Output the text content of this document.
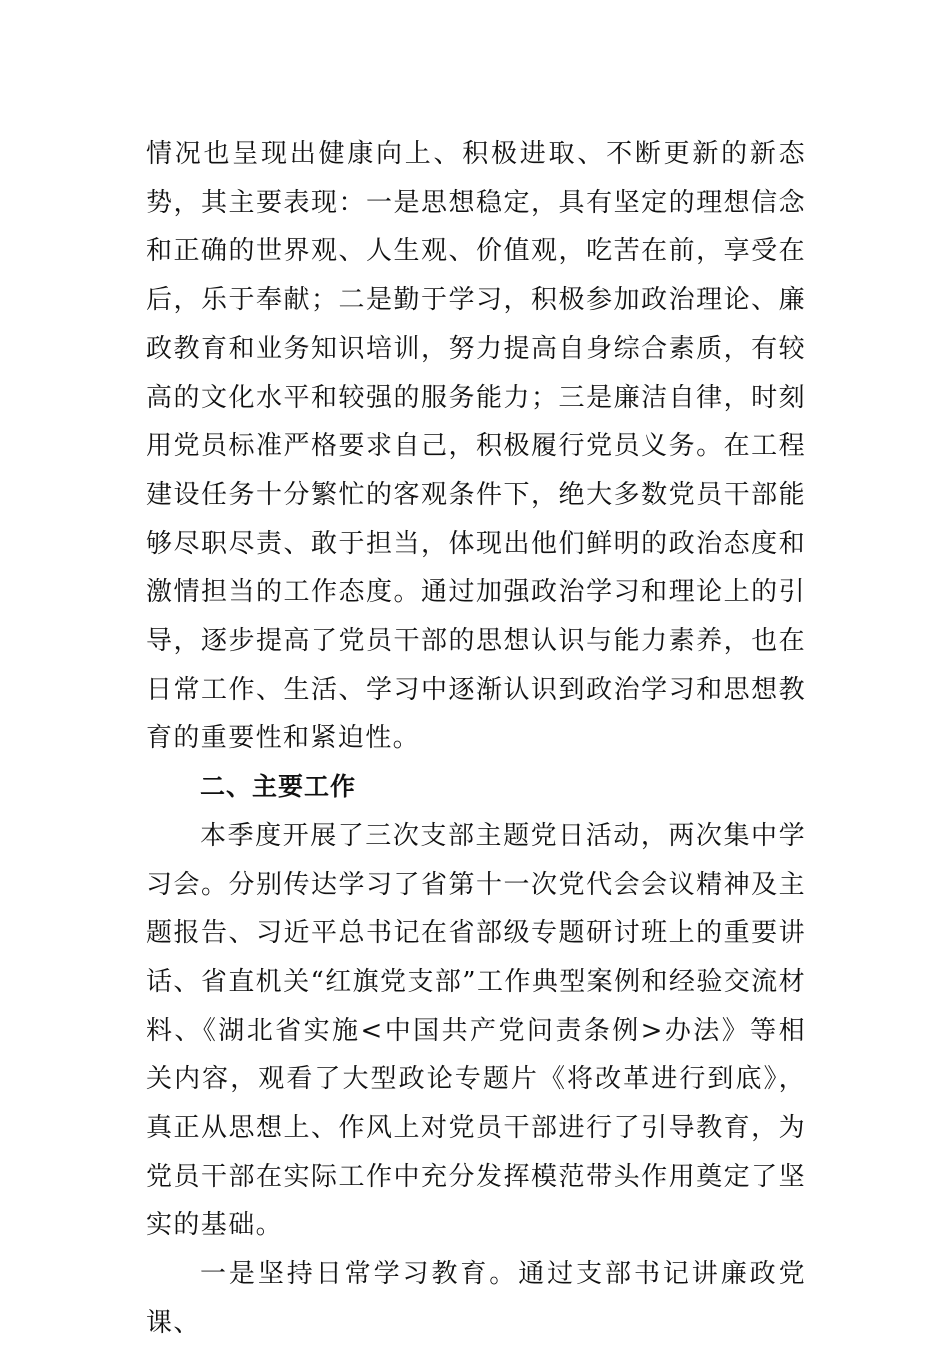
情况也呈现出健康向上、积极进取、不断更新的新态势，其主要表现：一是思想稳定，具有坚定的理想信念和正确的世界观、人生观、价值观，吃苦在前，享受在后，乐于奉献；二是勤于学习，积极参加政治理论、廉政教育和业务知识培训，努力提高自身综合素质，有较高的文化水平和较强的服务能力；三是廉洁自律，时刻用党员标准严格要求自己，积极履行党员义务。在工程建设任务十分繁忙的客观条件下，绝大多数党员干部能够尽职尽责、敢于担当，体现出他们鲜明的政治态度和激情担当的工作态度。通过加强政治学习和理论上的引导，逐步提高了党员干部的思想认识与能力素养，也在日常工作、生活、学习中逐渐认识到政治学习和思想教育的重要性和紧迫性。

二、主要工作

本季度开展了三次支部主题党日活动，两次集中学习会。分别传达学习了省第十一次党代会会议精神及主题报告、习近平总书记在省部级专题研讨班上的重要讲话、省直机关“红旗党支部”工作典型案例和经验交流材料、《湖北省实施<中国共产党问责条例>办法》等相关内容，观看了大型政论专题片《将改革进行到底》，真正从思想上、作风上对党员干部进行了引导教育，为党员干部在实际工作中充分发挥模范带头作用奠定了坚实的基础。

一是坚持日常学习教育。通过支部书记讲廉政党课、
